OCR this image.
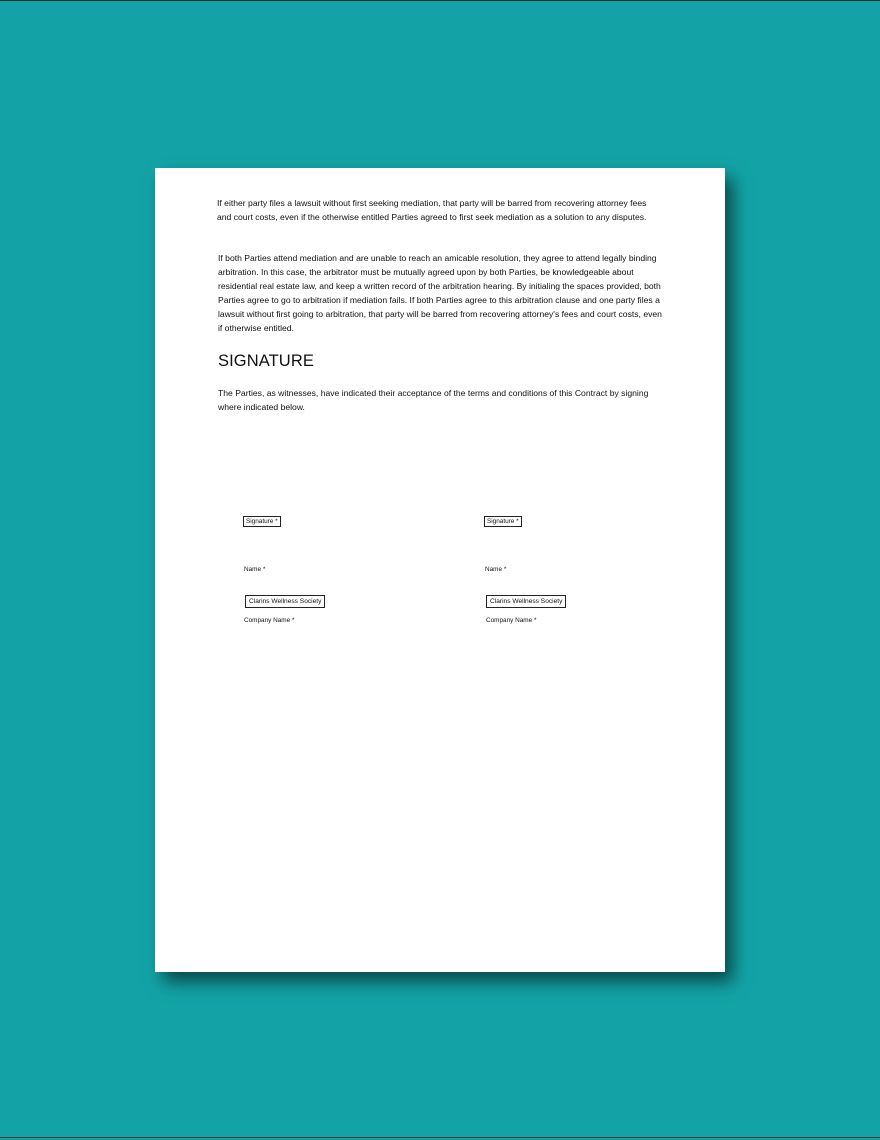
If either party files a lawsuit without first seeking mediation, that party will be barred from recovering attorney fees and court costs, even if the otherwise entitled Parties agreed to first seek mediation as a solution to any disputes.

If both Parties attend mediation and are unable to reach an amicable resolution, they agree to attend legally binding arbitration. In this case, the arbitrator must be mutually agreed upon by both Parties, be knowledgeable about residential real estate law, and keep a written record of the arbitration hearing. By initialing the spaces provided, both Parties agree to go to arbitration if mediation fails. If both Parties agree to this arbitration clause and one party files a lawsuit without first going to arbitration, that party will be barred from recovering attorney's fees and court costs, even if otherwise entitled.

SIGNATURE

The Parties, as witnesses, have indicated their acceptance of the terms and conditions of this Contract by signing where indicated below.

Signature *
Name *
Clarins Wellness Society
Company Name *
Signature *
Name *
Clarins Wellness Society
Company Name *
